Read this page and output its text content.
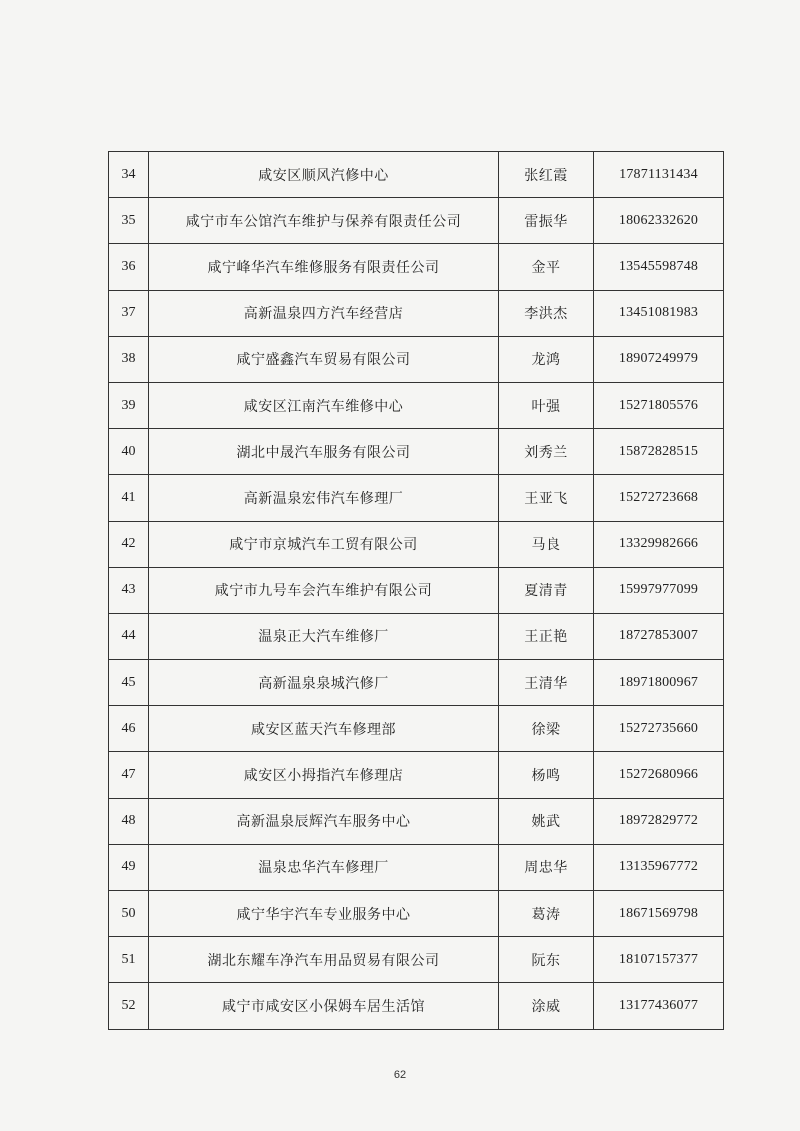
34	咸安区顺风汽修中心	张红霞	17871131434
35	咸宁市车公馆汽车维护与保养有限责任公司	雷振华	18062332620
36	咸宁峰华汽车维修服务有限责任公司	金平	13545598748
37	高新温泉四方汽车经营店	李洪杰	13451081983
38	咸宁盛鑫汽车贸易有限公司	龙鸿	18907249979
39	咸安区江南汽车维修中心	叶强	15271805576
40	湖北中晟汽车服务有限公司	刘秀兰	15872828515
41	高新温泉宏伟汽车修理厂	王亚飞	15272723668
42	咸宁市京城汽车工贸有限公司	马良	13329982666
43	咸宁市九号车会汽车维护有限公司	夏清青	15997977099
44	温泉正大汽车维修厂	王正艳	18727853007
45	高新温泉泉城汽修厂	王清华	18971800967
46	咸安区蓝天汽车修理部	徐梁	15272735660
47	咸安区小拇指汽车修理店	杨鸣	15272680966
48	高新温泉辰辉汽车服务中心	姚武	18972829772
49	温泉忠华汽车修理厂	周忠华	13135967772
50	咸宁华宇汽车专业服务中心	葛涛	18671569798
51	湖北东耀车净汽车用品贸易有限公司	阮东	18107157377
52	咸宁市咸安区小保姆车居生活馆	涂威	13177436077
62
